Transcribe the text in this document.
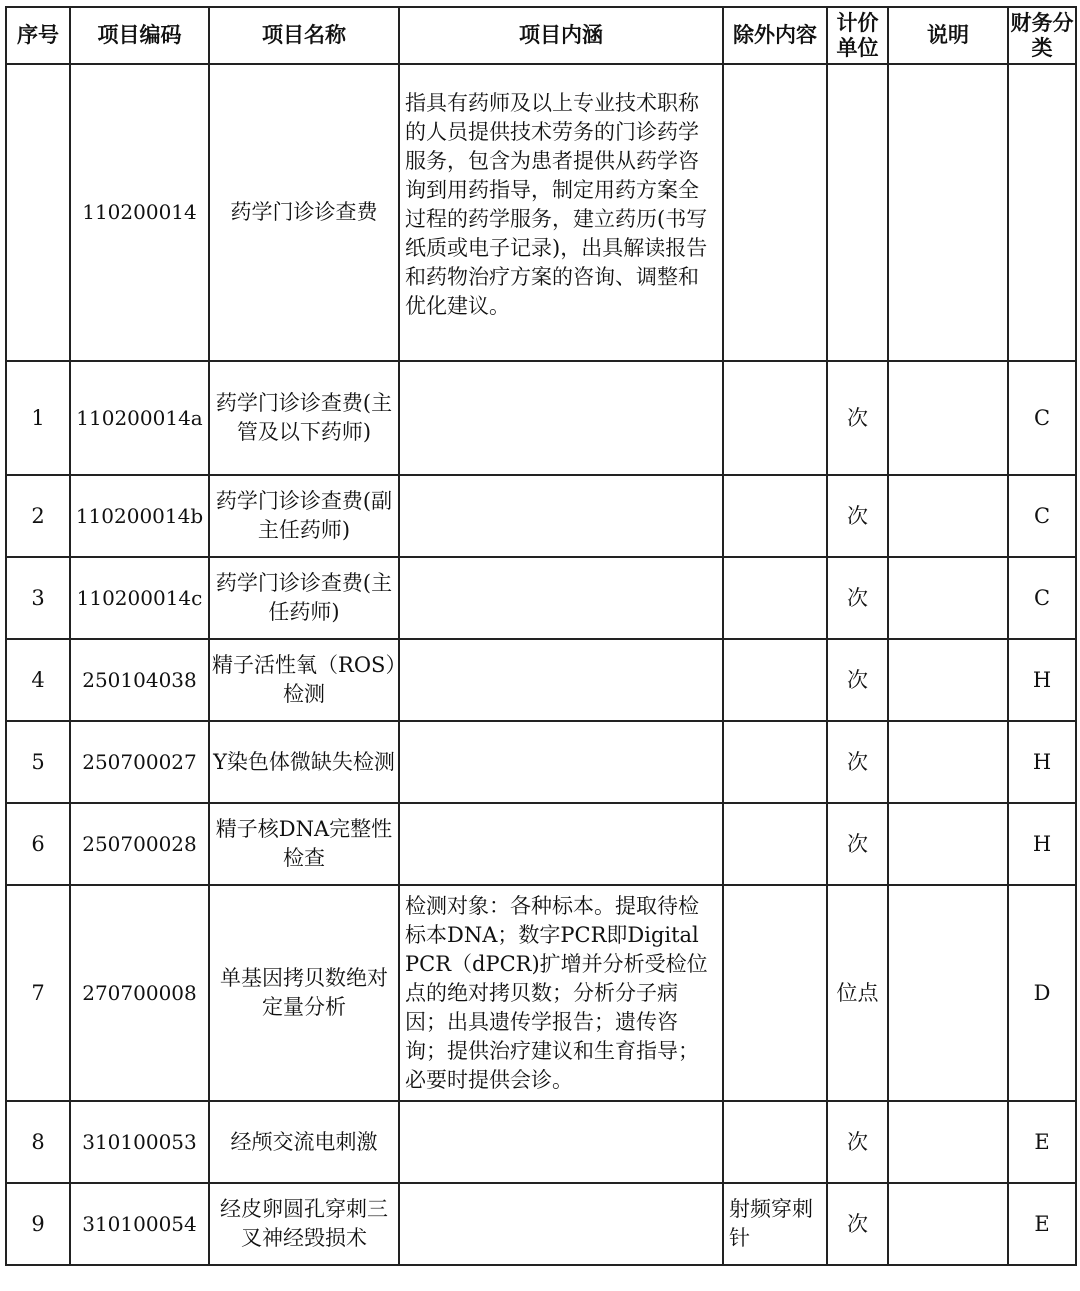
序号	项目编码	项目名称	项目内涵	除外内容	计价单位	说明	财务分类
	110200014	药学门诊诊查费	指具有药师及以上专业技术职称的人员提供技术劳务的门诊药学服务，包含为患者提供从药学咨询到用药指导，制定用药方案全过程的药学服务，建立药历(书写纸质或电子记录)，出具解读报告和药物治疗方案的咨询、调整和优化建议。				
1	110200014a	药学门诊诊查费(主管及以下药师)			次		C
2	110200014b	药学门诊诊查费(副主任药师)			次		C
3	110200014c	药学门诊诊查费(主任药师)			次		C
4	250104038	精子活性氧（ROS）检测			次		H
5	250700027	Y染色体微缺失检测			次		H
6	250700028	精子核DNA完整性检查			次		H
7	270700008	单基因拷贝数绝对定量分析	检测对象：各种标本。提取待检标本DNA；数字PCR即Digital PCR（dPCR)扩增并分析受检位点的绝对拷贝数；分析分子病因；出具遗传学报告；遗传咨询；提供治疗建议和生育指导；必要时提供会诊。		位点		D
8	310100053	经颅交流电刺激			次		E
9	310100054	经皮卵圆孔穿刺三叉神经毁损术		射频穿刺针	次		E
